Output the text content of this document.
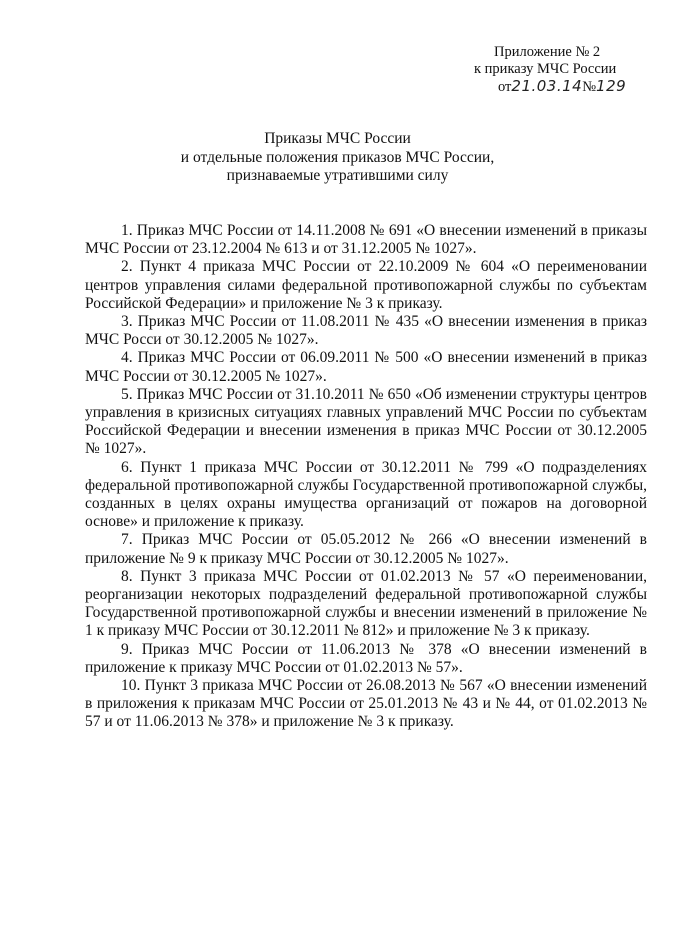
Приложение № 2
к приказу МЧС России
от21.03.14№129
Приказы МЧС России
и отдельные положения приказов МЧС России,
признаваемые утратившими силу

1. Приказ МЧС России от 14.11.2008 № 691 «О внесении изменений в приказы МЧС России от 23.12.2004 № 613 и от 31.12.2005 № 1027».

2. Пункт 4 приказа МЧС России от 22.10.2009 № 604 «О переименовании центров управления силами федеральной противопожарной службы по субъектам Российской Федерации» и приложение № 3 к приказу.

3. Приказ МЧС России от 11.08.2011 № 435 «О внесении изменения в приказ МЧС Росси от 30.12.2005 № 1027».

4. Приказ МЧС России от 06.09.2011 № 500 «О внесении изменений в приказ МЧС России от 30.12.2005 № 1027».

5. Приказ МЧС России от 31.10.2011 № 650 «Об изменении структуры центров управления в кризисных ситуациях главных управлений МЧС России по субъектам Российской Федерации и внесении изменения в приказ МЧС России от 30.12.2005 № 1027».

6. Пункт 1 приказа МЧС России от 30.12.2011 № 799 «О подразделениях федеральной противопожарной службы Государственной противопожарной службы, созданных в целях охраны имущества организаций от пожаров на договорной основе» и приложение к приказу.

7. Приказ МЧС России от 05.05.2012 № 266 «О внесении изменений в приложение № 9 к приказу МЧС России от 30.12.2005 № 1027».

8. Пункт 3 приказа МЧС России от 01.02.2013 № 57 «О переименовании, реорганизации некоторых подразделений федеральной противопожарной службы Государственной противопожарной службы и внесении изменений в приложение № 1 к приказу МЧС России от 30.12.2011 № 812» и приложение № 3 к приказу.

9. Приказ МЧС России от 11.06.2013 № 378 «О внесении изменений в приложение к приказу МЧС России от 01.02.2013 № 57».

10. Пункт 3 приказа МЧС России от 26.08.2013 № 567 «О внесении изменений в приложения к приказам МЧС России от 25.01.2013 № 43 и № 44, от 01.02.2013 № 57 и от 11.06.2013 № 378» и приложение № 3 к приказу.
